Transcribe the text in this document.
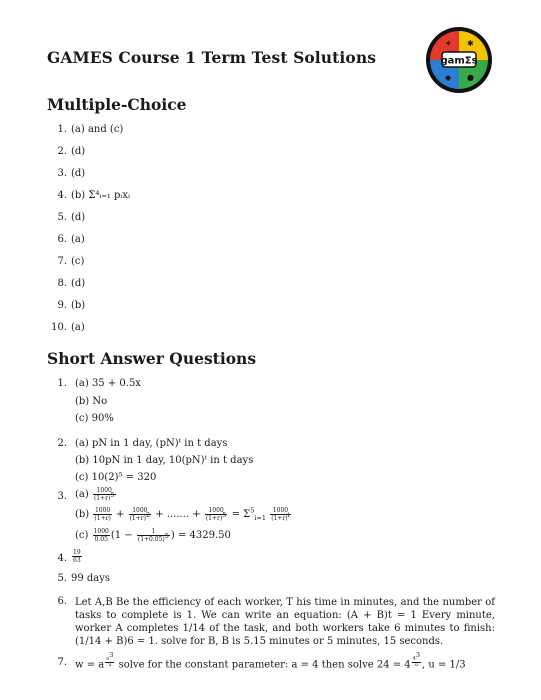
GAMES Course 1 Term Test Solutions	gamΣs
✦ ✱
◆ ●
Multiple-Choice
1. (a) and (c)
2. (d)
3. (d)
4. (b) Σ⁴ᵢ₌₁ pᵢxᵢ
5. (d)
6. (a)
7. (c)
8. (d)
9. (b)
10. (a)
Short Answer Questions
1. (a) 35 + 0.5x
(b) No
(c) 90%
2. (a) pN in 1 day, (pN)ᵗ in t days
(b) 10pN in 1 day, 10(pN)ᵗ in t days
(c) 10(2)⁵ = 320
3. $(a) \frac{1000}{(1+r)^5}$
$(b) \frac{1000}{(1+r)} + \frac{1000}{(1+r)^2}$ + ....... + $\frac{1000}{(1+r)^5} = \Sigma^5_{i=1} \frac{1000}{(1+r)^i}$
$(c) \frac{1000}{0.05} (1 - \frac{1}{(1+0.05)^5}$ ) = 4329.50
4. $\frac{19}{63}$
5. 99 days
6. Let A,B Be the efficiency of each worker, T his time in minutes, and the number of tasks to complete is 1. We can write an equation: (A + B)t = 1 Every minute, worker A completes 1/14 of the task, and both workers take 6 minutes to finish: (1/14 + B)6 = 1. solve for B, B is 5.15 minutes or 5 minutes, 15 seconds.
7. w = a $^{\frac{a^3}{u}}$ solve for the constant parameter: a = 4 then solve 24 = 4 $^{\frac{4^3}{u}}$ , u = 1/3
